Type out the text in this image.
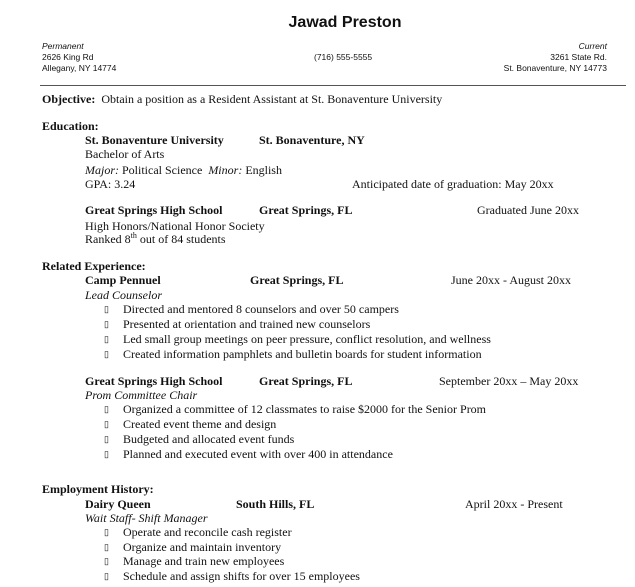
Jawad Preston
Permanent
2626 King Rd
Allegany, NY 14774
(716) 555-5555
Current
3261 State Rd.
St. Bonaventure, NY 14773
Objective: Obtain a position as a Resident Assistant at St. Bonaventure University
Education:
St. Bonaventure University	St. Bonaventure, NY
Bachelor of Arts
Major: Political Science Minor: English
GPA: 3.24	Anticipated date of graduation: May 20xx
Great Springs High School	Great Springs, FL	Graduated June 20xx
High Honors/National Honor Society
Ranked 8th out of 84 students
Related Experience:
Camp Pennuel	Great Springs, FL	June 20xx - August 20xx
Lead Counselor
▯ Directed and mentored 8 counselors and over 50 campers
▯ Presented at orientation and trained new counselors
▯ Led small group meetings on peer pressure, conflict resolution, and wellness
▯ Created information pamphlets and bulletin boards for student information
Great Springs High School	Great Springs, FL	September 20xx – May 20xx
Prom Committee Chair
▯ Organized a committee of 12 classmates to raise $2000 for the Senior Prom
▯ Created event theme and design
▯ Budgeted and allocated event funds
▯ Planned and executed event with over 400 in attendance
Employment History:
Dairy Queen	South Hills, FL	April 20xx - Present
Wait Staff- Shift Manager
▯ Operate and reconcile cash register
▯ Organize and maintain inventory
▯ Manage and train new employees
▯ Schedule and assign shifts for over 15 employees
